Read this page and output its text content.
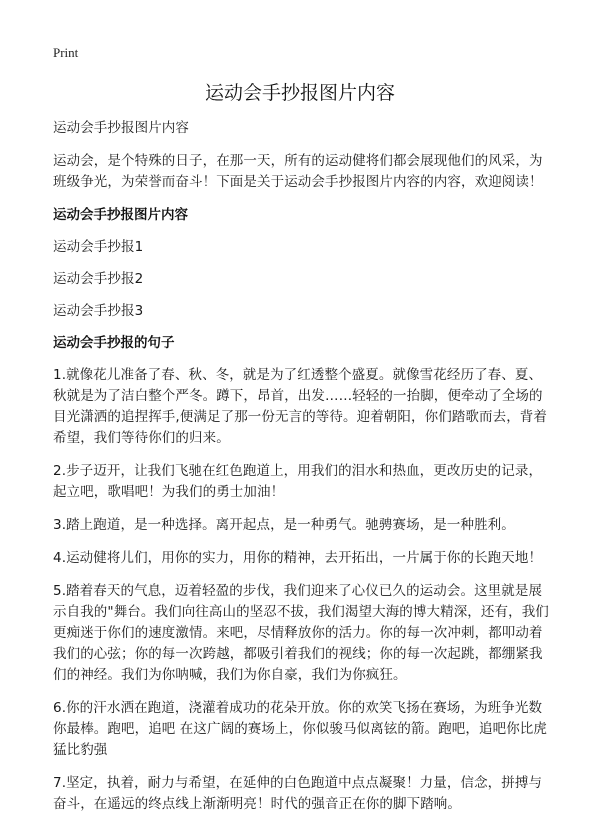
Print
运动会手抄报图片内容

运动会手抄报图片内容

运动会，是个特殊的日子，在那一天，所有的运动健将们都会展现他们的风采，为班级争光，为荣誉而奋斗！下面是关于运动会手抄报图片内容的内容，欢迎阅读！

运动会手抄报图片内容

运动会手抄报1

运动会手抄报2

运动会手抄报3

运动会手抄报的句子

1.就像花儿准备了春、秋、冬，就是为了红透整个盛夏。就像雪花经历了春、夏、秋就是为了洁白整个严冬。蹲下，昂首，出发……轻轻的一抬脚，便牵动了全场的目光潇洒的追捏挥手,便满足了那一份无言的等待。迎着朝阳，你们踏歌而去，背着希望，我们等待你们的归来。

2.步子迈开，让我们飞驰在红色跑道上，用我们的泪水和热血，更改历史的记录，起立吧，歌唱吧！为我们的勇士加油！

3.踏上跑道，是一种选择。离开起点，是一种勇气。驰骋赛场，是一种胜利。

4.运动健将儿们，用你的实力，用你的精神，去开拓出，一片属于你的长跑天地！

5.踏着春天的气息，迈着轻盈的步伐，我们迎来了心仪已久的运动会。这里就是展示自我的"舞台。我们向往高山的坚忍不拔，我们渴望大海的博大精深，还有，我们更痴迷于你们的速度激情。来吧，尽情释放你的活力。你的每一次冲刺，都叩动着我们的心弦；你的每一次跨越，都吸引着我们的视线；你的每一次起跳，都绷紧我们的神经。我们为你呐喊，我们为你自豪，我们为你疯狂。

6.你的汗水洒在跑道，浇灌着成功的花朵开放。你的欢笑飞扬在赛场，为班争光数你最棒。跑吧，追吧 在这广阔的赛场上，你似骏马似离铉的箭。跑吧，追吧你比虎猛比豹强

7.坚定，执着，耐力与希望，在延伸的白色跑道中点点凝聚！力量，信念，拼搏与奋斗，在遥远的终点线上渐渐明亮！时代的强音正在你的脚下踏响。
